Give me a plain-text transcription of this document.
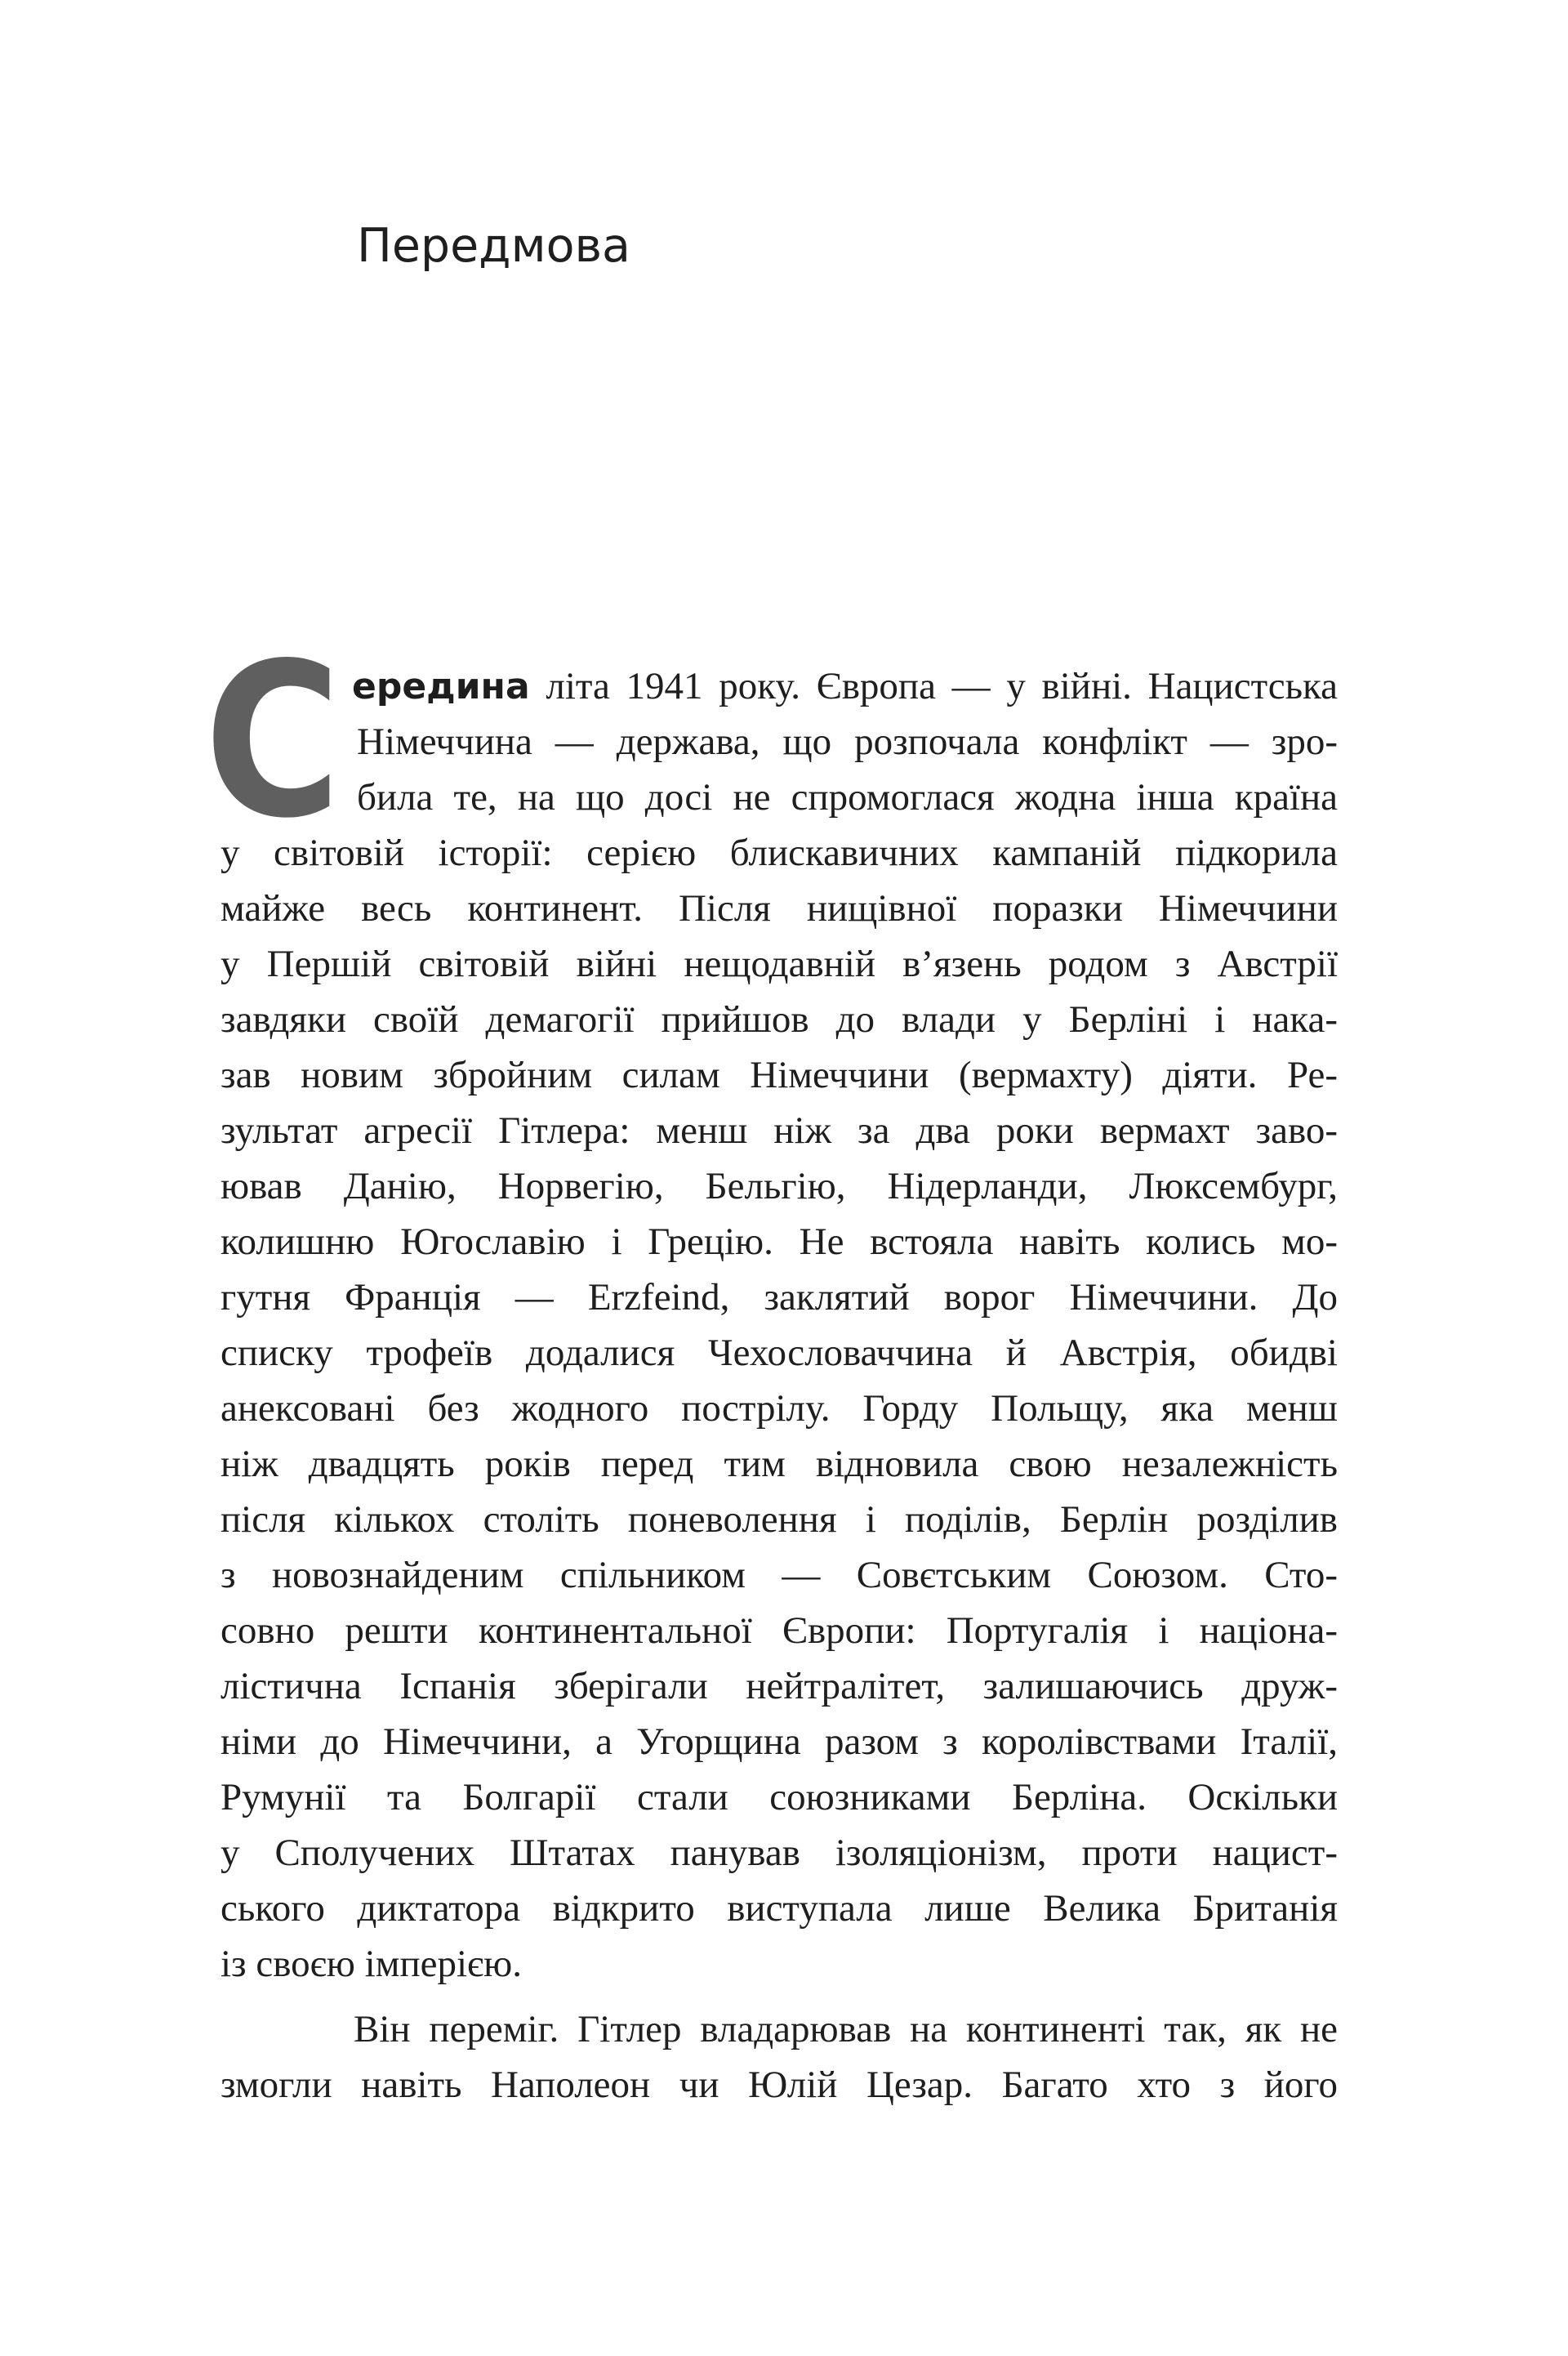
Передмова
С ередина літа 1941 року. Європа — у війні. Нацистська
Німеччина — держава, що розпочала конфлікт — зро-
била те, на що досі не спромоглася жодна інша країна
у світовій історії: серією блискавичних кампаній підкорила
майже весь континент. Після нищівної поразки Німеччини
у Першій світовій війні нещодавній в’язень родом з Австрії
завдяки своїй демагогії прийшов до влади у Берліні і нака-
зав новим збройним силам Німеччини (вермахту) діяти. Ре-
зультат агресії Гітлера: менш ніж за два роки вермахт заво-
ював Данію, Норвегію, Бельгію, Нідерланди, Люксембург,
колишню Югославію і Грецію. Не встояла навіть колись мо-
гутня Франція — Erzfeind, заклятий ворог Німеччини. До
списку трофеїв додалися Чехословаччина й Австрія, обидві
анексовані без жодного пострілу. Горду Польщу, яка менш
ніж двадцять років перед тим відновила свою незалежність
після кількох століть поневолення і поділів, Берлін розділив
з новознайденим спільником — Совєтським Союзом. Сто-
совно решти континентальної Європи: Португалія і націона-
лістична Іспанія зберігали нейтралітет, залишаючись друж-
німи до Німеччини, а Угорщина разом з королівствами Італії,
Румунії та Болгарії стали союзниками Берліна. Оскільки
у Сполучених Штатах панував ізоляціонізм, проти нацист-
ського диктатора відкрито виступала лише Велика Британія
із своєю імперією.
Він переміг. Гітлер владарював на континенті так, як не
змогли навіть Наполеон чи Юлій Цезар. Багато хто з його
